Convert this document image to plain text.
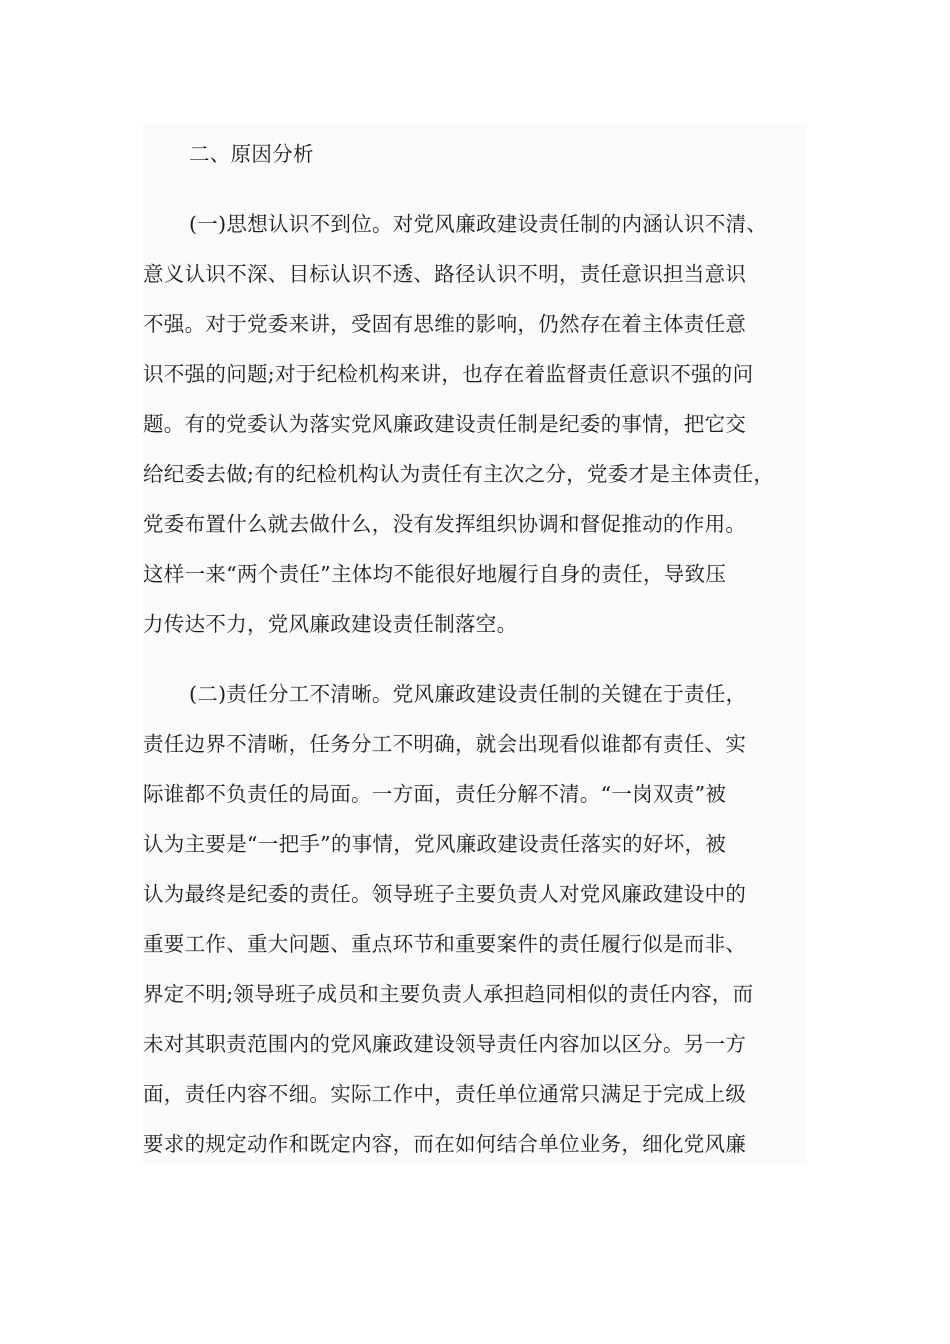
二、原因分析
(一)思想认识不到位。对党风廉政建设责任制的内涵认识不清、
意义认识不深、目标认识不透、路径认识不明，责任意识担当意识
不强。对于党委来讲，受固有思维的影响，仍然存在着主体责任意
识不强的问题;对于纪检机构来讲，也存在着监督责任意识不强的问
题。有的党委认为落实党风廉政建设责任制是纪委的事情，把它交
给纪委去做;有的纪检机构认为责任有主次之分，党委才是主体责任，
党委布置什么就去做什么，没有发挥组织协调和督促推动的作用。
这样一来“两个责任”主体均不能很好地履行自身的责任，导致压
力传达不力，党风廉政建设责任制落空。
(二)责任分工不清晰。党风廉政建设责任制的关键在于责任，
责任边界不清晰，任务分工不明确，就会出现看似谁都有责任、实
际谁都不负责任的局面。一方面，责任分解不清。“一岗双责”被
认为主要是“一把手”的事情，党风廉政建设责任落实的好坏，被
认为最终是纪委的责任。领导班子主要负责人对党风廉政建设中的
重要工作、重大问题、重点环节和重要案件的责任履行似是而非、
界定不明;领导班子成员和主要负责人承担趋同相似的责任内容，而
未对其职责范围内的党风廉政建设领导责任内容加以区分。另一方
面，责任内容不细。实际工作中，责任单位通常只满足于完成上级
要求的规定动作和既定内容，而在如何结合单位业务，细化党风廉
